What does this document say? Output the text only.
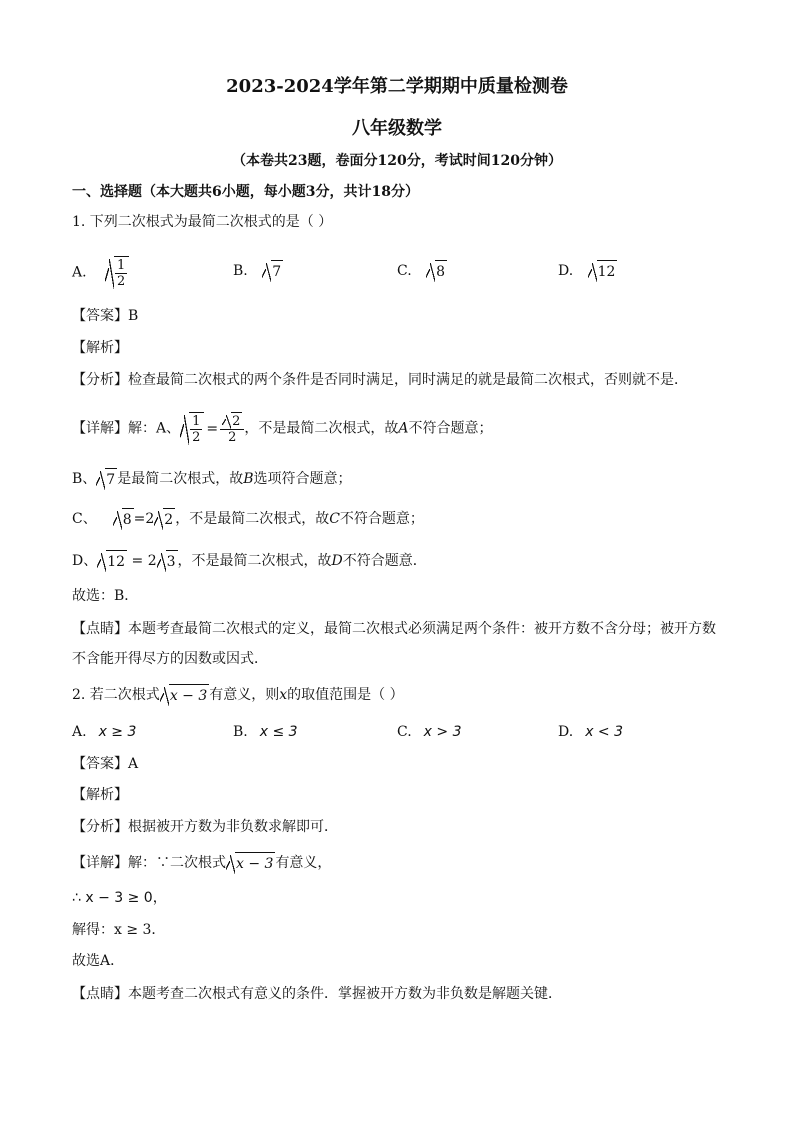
2023-2024学年第二学期期中质量检测卷
八年级数学
（本卷共23题，卷面分120分，考试时间120分钟）
一、选择题（本大题共6小题，每小题3分，共计18分）
1. 下列二次根式为最简二次根式的是（ ）
A. $\frac{1}{2}$	B. 7	C. 8	D. 12
【答案】B
【解析】
【分析】检查最简二次根式的两个条件是否同时满足，同时满足的就是最简二次根式，否则就不是．
【详解】解：A、 $\frac{1}{2} = \frac{2}{2}$ ，不是最简二次根式，故A不符合题意；
B、 7 是最简二次根式，故B选项符合题意；
C、 8 =2 2 ，不是最简二次根式，故C不符合题意；
D、 12 = 2 3 ，不是最简二次根式，故D不符合题意．
故选：B．
【点睛】本题考查最简二次根式的定义，最简二次根式必须满足两个条件：被开方数不含分母；被开方数
不含能开得尽方的因数或因式．
2. 若二次根式 x − 3 有意义，则x的取值范围是（ ）
A. x ≥ 3	B. x ≤ 3	C. x > 3	D. x < 3
【答案】A
【解析】
【分析】根据被开方数为非负数求解即可．
【详解】解：∵二次根式 x − 3 有意义，
∴ x − 3 ≥ 0，
解得：x ≥ 3．
故选A．
【点睛】本题考查二次根式有意义的条件．掌握被开方数为非负数是解题关键．
